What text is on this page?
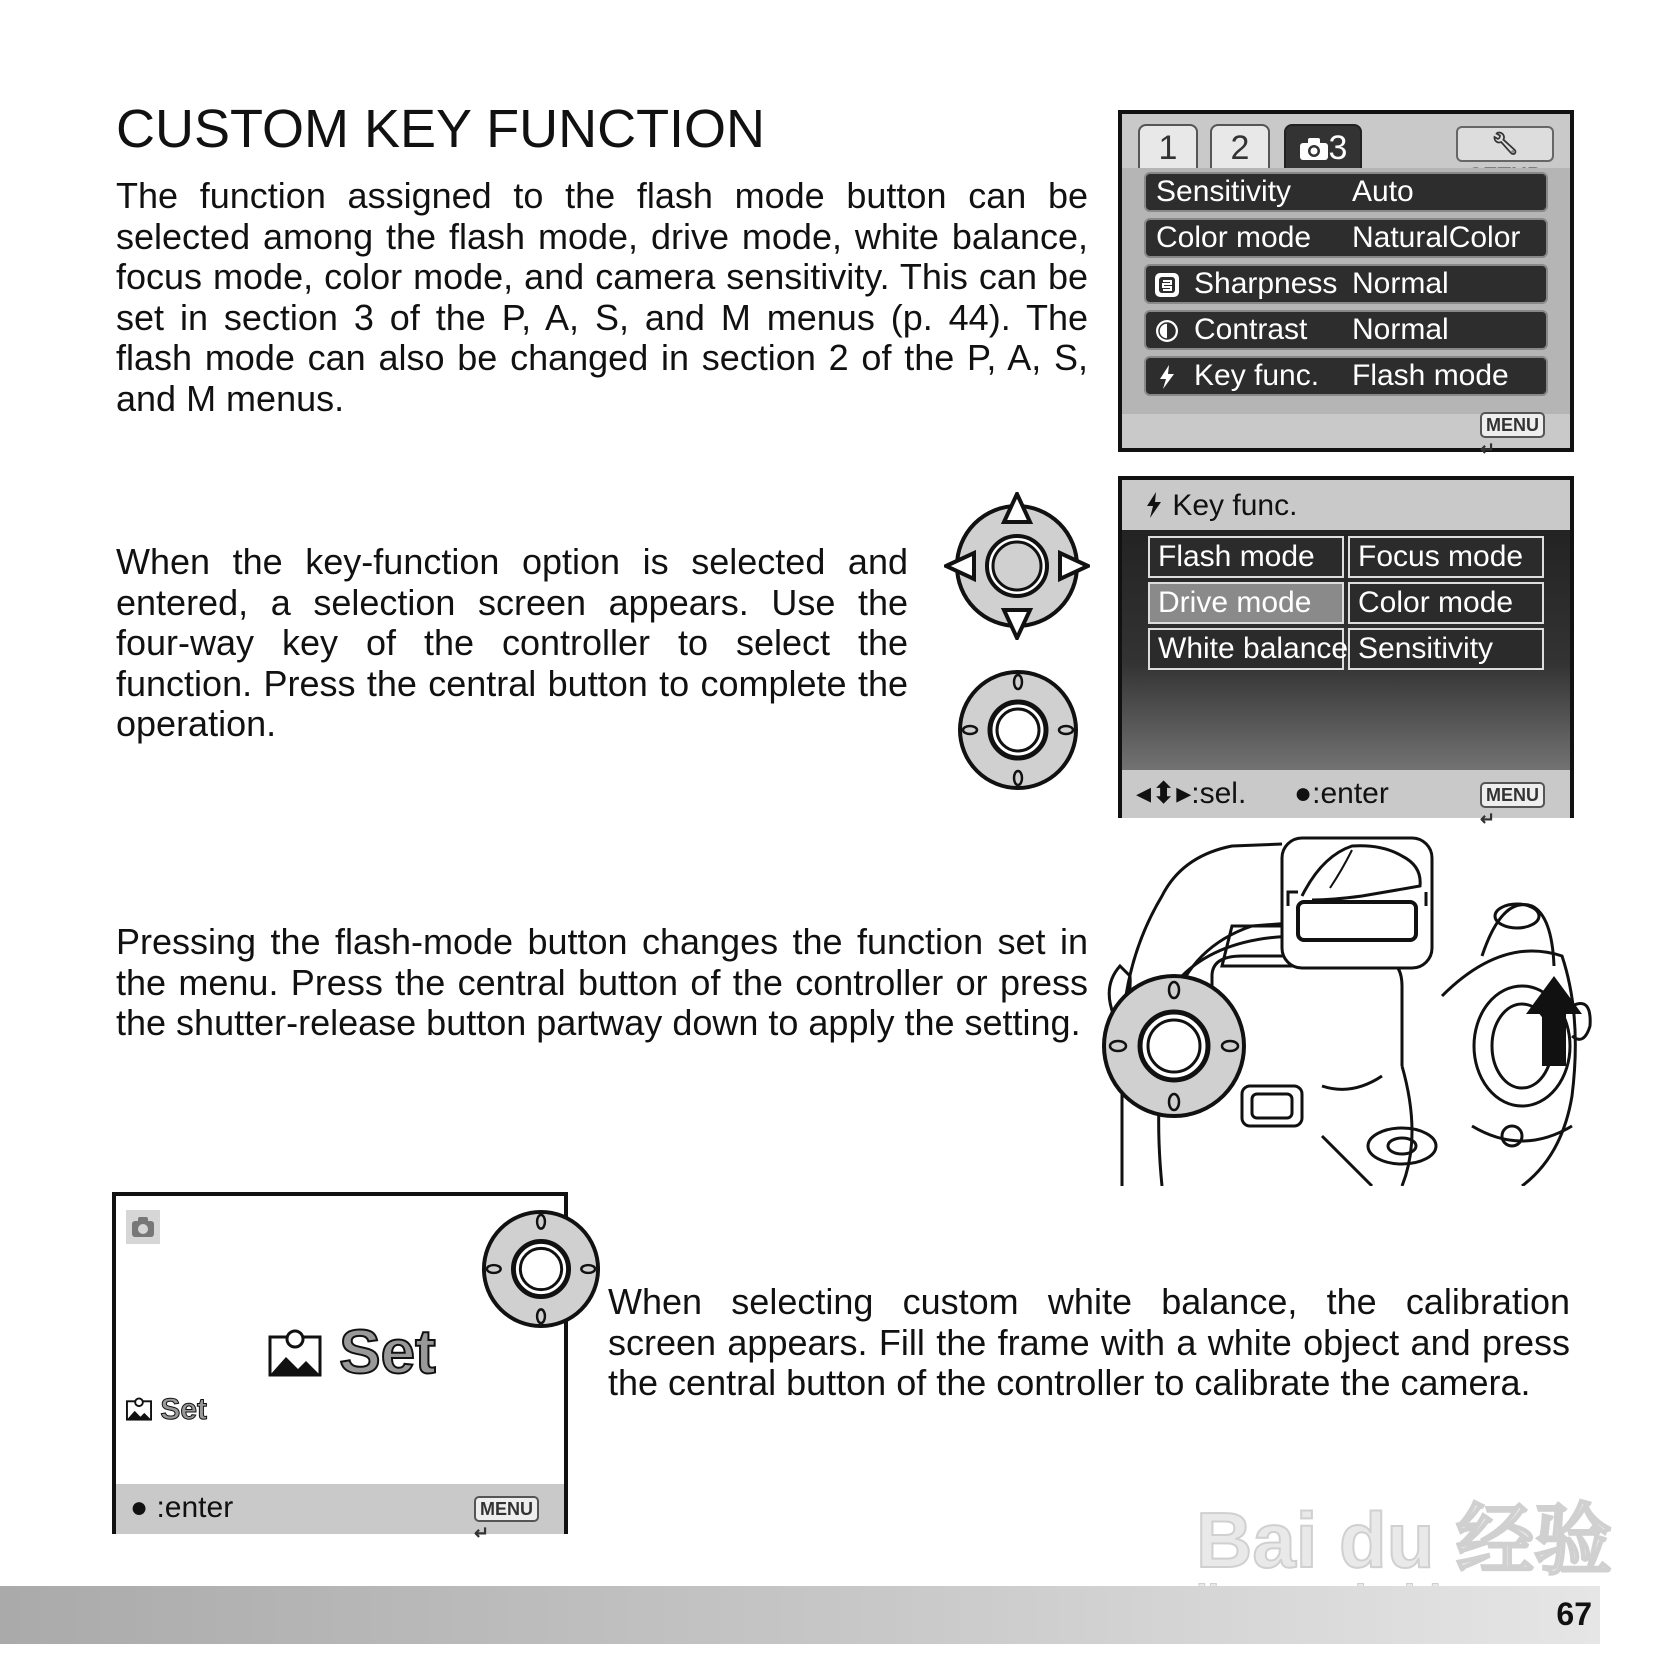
CUSTOM KEY FUNCTION

The function assigned to the flash mode button can be selected among the flash mode, drive mode, white balance, focus mode, color mode, and camera sensitivity. This can be set in section 3 of the P, A, S, and M menus (p. 44). The flash mode can also be changed in section 2 of the P, A, S, and M menus.

When the key-function option is selected and entered, a selection screen appears. Use the four-way key of the controller to select the function. Press the central button to complete the operation.

Pressing the flash-mode button changes the function set in the menu. Press the central button of the controller or press the shutter-release button partway down to apply the setting.

When selecting custom white balance, the calibration screen appears. Fill the frame with a white object and press the central button of the controller to calibrate the camera.

1	2	3	🔧︎
Sensitivity Auto
Color mode NaturalColor
Sharpness Normal
Contrast Normal
Key func. Flash mode
MENU ↵
Key func.
Flash mode	Focus mode
Drive mode	Color mode
White balance Sensitivity
◂⬍▸:sel. ●:enter	MENU ↵
Set
Set
● :enter	MENU ↵	Bai du 经验
67
